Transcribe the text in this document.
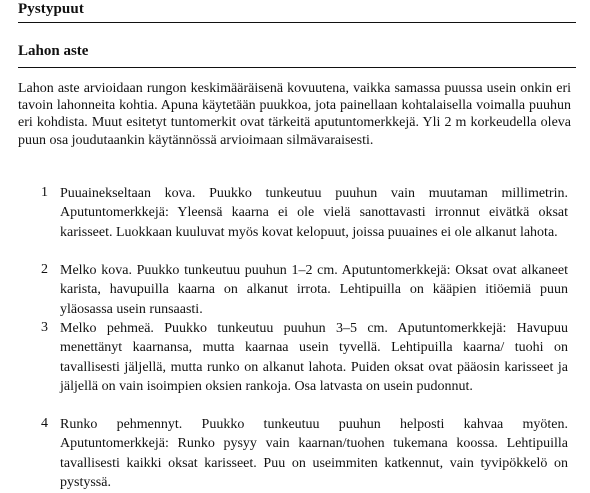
Pystypuut
Lahon aste
Lahon aste arvioidaan rungon keskimääräisenä kovuutena, vaikka samassa puussa usein onkin eri tavoin lahonneita kohtia. Apuna käytetään puukkoa, jota painellaan kohtalaisella voimalla puuhun eri kohdista. Muut esitetyt tuntomerkit ovat tärkeitä aputuntomerkkejä. Yli 2 m korkeudella oleva puun osa joudutaankin käytännössä arvioimaan silmävaraisesti.
1 Puuainekseltaan kova. Puukko tunkeutuu puuhun vain muutaman millimetrin. Aputuntomerkkejä: Yleensä kaarna ei ole vielä sanottavasti irronnut eivätkä oksat karisseet. Luokkaan kuuluvat myös kovat kelopuut, joissa puuaines ei ole alkanut lahota.
2 Melko kova. Puukko tunkeutuu puuhun 1–2 cm. Aputuntomerkkejä: Oksat ovat alkaneet karista, havupuilla kaarna on alkanut irrota. Lehtipuilla on kääpien itiöemiä puun yläosassa usein runsaasti.
3 Melko pehmeä. Puukko tunkeutuu puuhun 3–5 cm. Aputuntomerkkejä: Havupuu menettänyt kaarnansa, mutta kaarnaa usein tyvellä. Lehtipuilla kaarna/ tuohi on tavallisesti jäljellä, mutta runko on alkanut lahota. Puiden oksat ovat pääosin karisseet ja jäljellä on vain isoimpien oksien rankoja. Osa latvasta on usein pudonnut.
4 Runko pehmennyt. Puukko tunkeutuu puuhun helposti kahvaa myöten. Aputuntomerkkejä: Runko pysyy vain kaarnan/tuohen tukemana koossa. Lehtipuilla tavallisesti kaikki oksat karisseet. Puu on useimmiten katkennut, vain tyvipökkelö on pystyssä.
